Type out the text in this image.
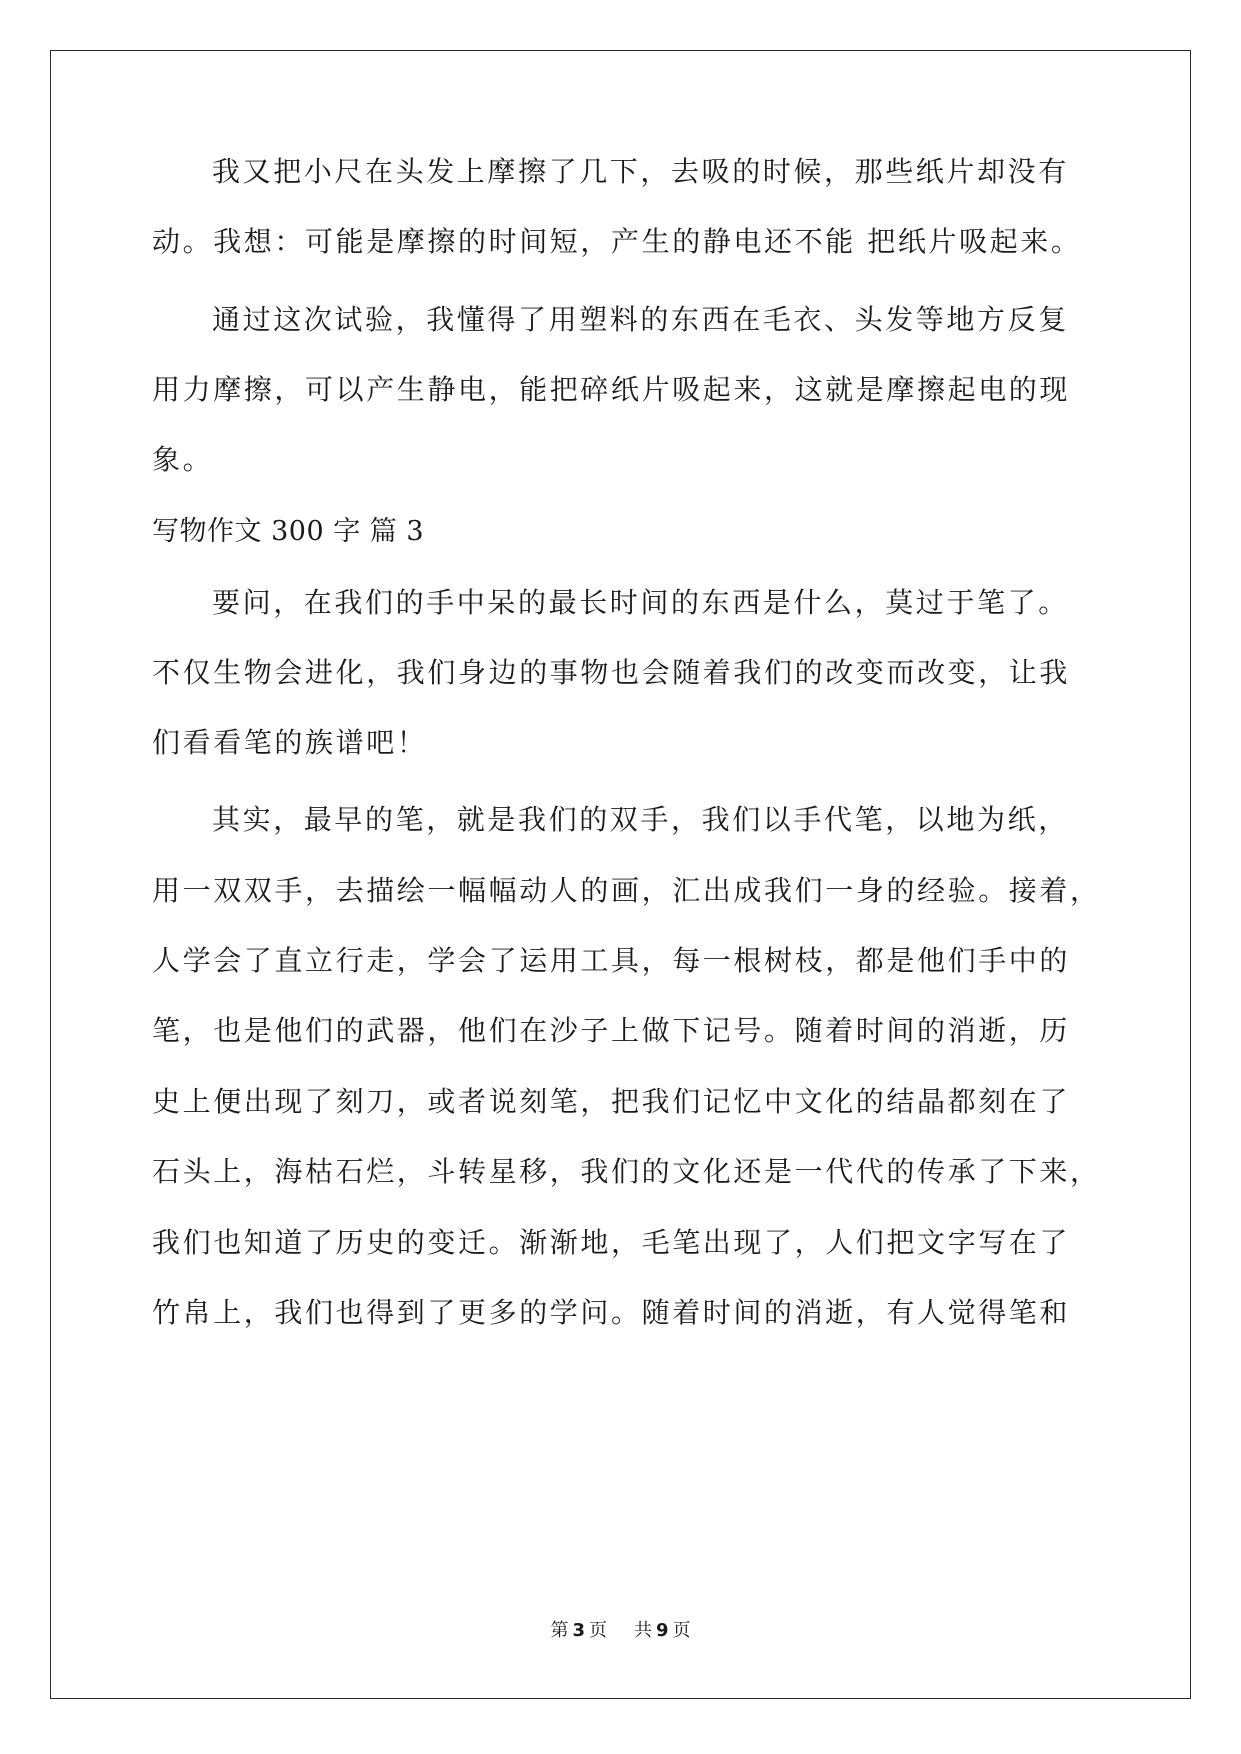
我又把小尺在头发上摩擦了几下，去吸的时候，那些纸片却没有
动。我想：可能是摩擦的时间短，产生的静电还不能 把纸片吸起来。
通过这次试验，我懂得了用塑料的东西在毛衣、头发等地方反复
用力摩擦，可以产生静电，能把碎纸片吸起来，这就是摩擦起电的现
象。
写物作文 300 字 篇 3
要问，在我们的手中呆的最长时间的东西是什么，莫过于笔了。
不仅生物会进化，我们身边的事物也会随着我们的改变而改变，让我
们看看笔的族谱吧！
其实，最早的笔，就是我们的双手，我们以手代笔，以地为纸，
用一双双手，去描绘一幅幅动人的画，汇出成我们一身的经验。接着，
人学会了直立行走，学会了运用工具，每一根树枝，都是他们手中的
笔，也是他们的武器，他们在沙子上做下记号。随着时间的消逝，历
史上便出现了刻刀，或者说刻笔，把我们记忆中文化的结晶都刻在了
石头上，海枯石烂，斗转星移，我们的文化还是一代代的传承了下来，
我们也知道了历史的变迁。渐渐地，毛笔出现了，人们把文字写在了
竹帛上，我们也得到了更多的学问。随着时间的消逝，有人觉得笔和
第 3 页 共 9 页
